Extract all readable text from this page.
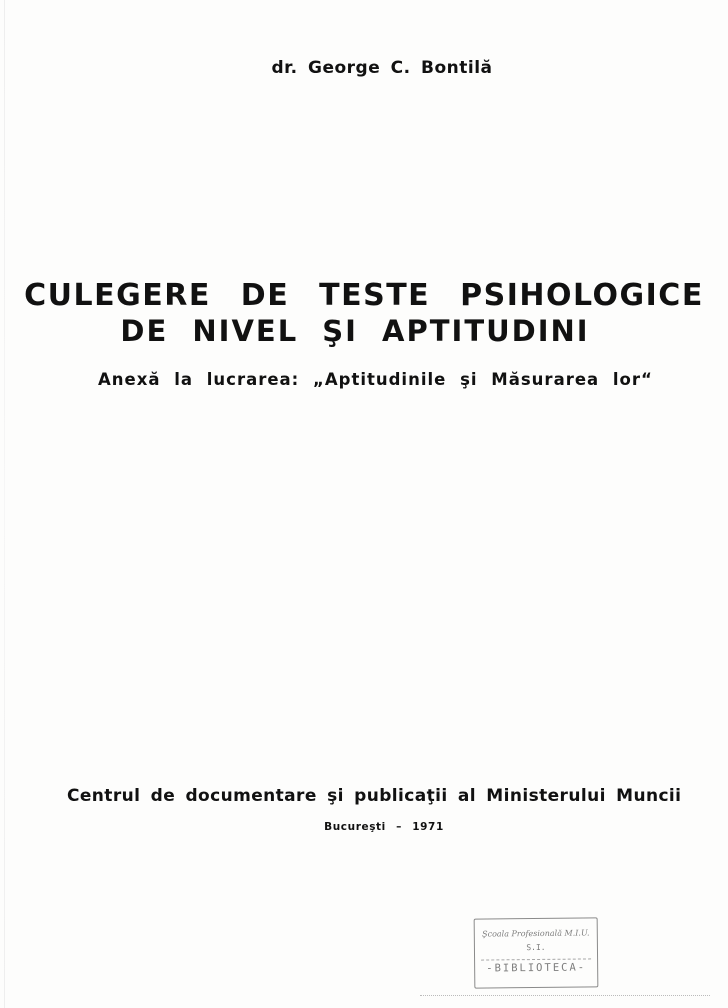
dr. George C. Bontilă
CULEGERE DE TESTE PSIHOLOGICE
DE NIVEL ŞI APTITUDINI
Anexă la lucrarea: „Aptitudinile şi Măsurarea lor“
Centrul de documentare şi publicaţii al Ministerului Muncii
Bucureşti – 1971
Şcoala Profesională M.I.U.
S.I.
-BIBLIOTECA-
